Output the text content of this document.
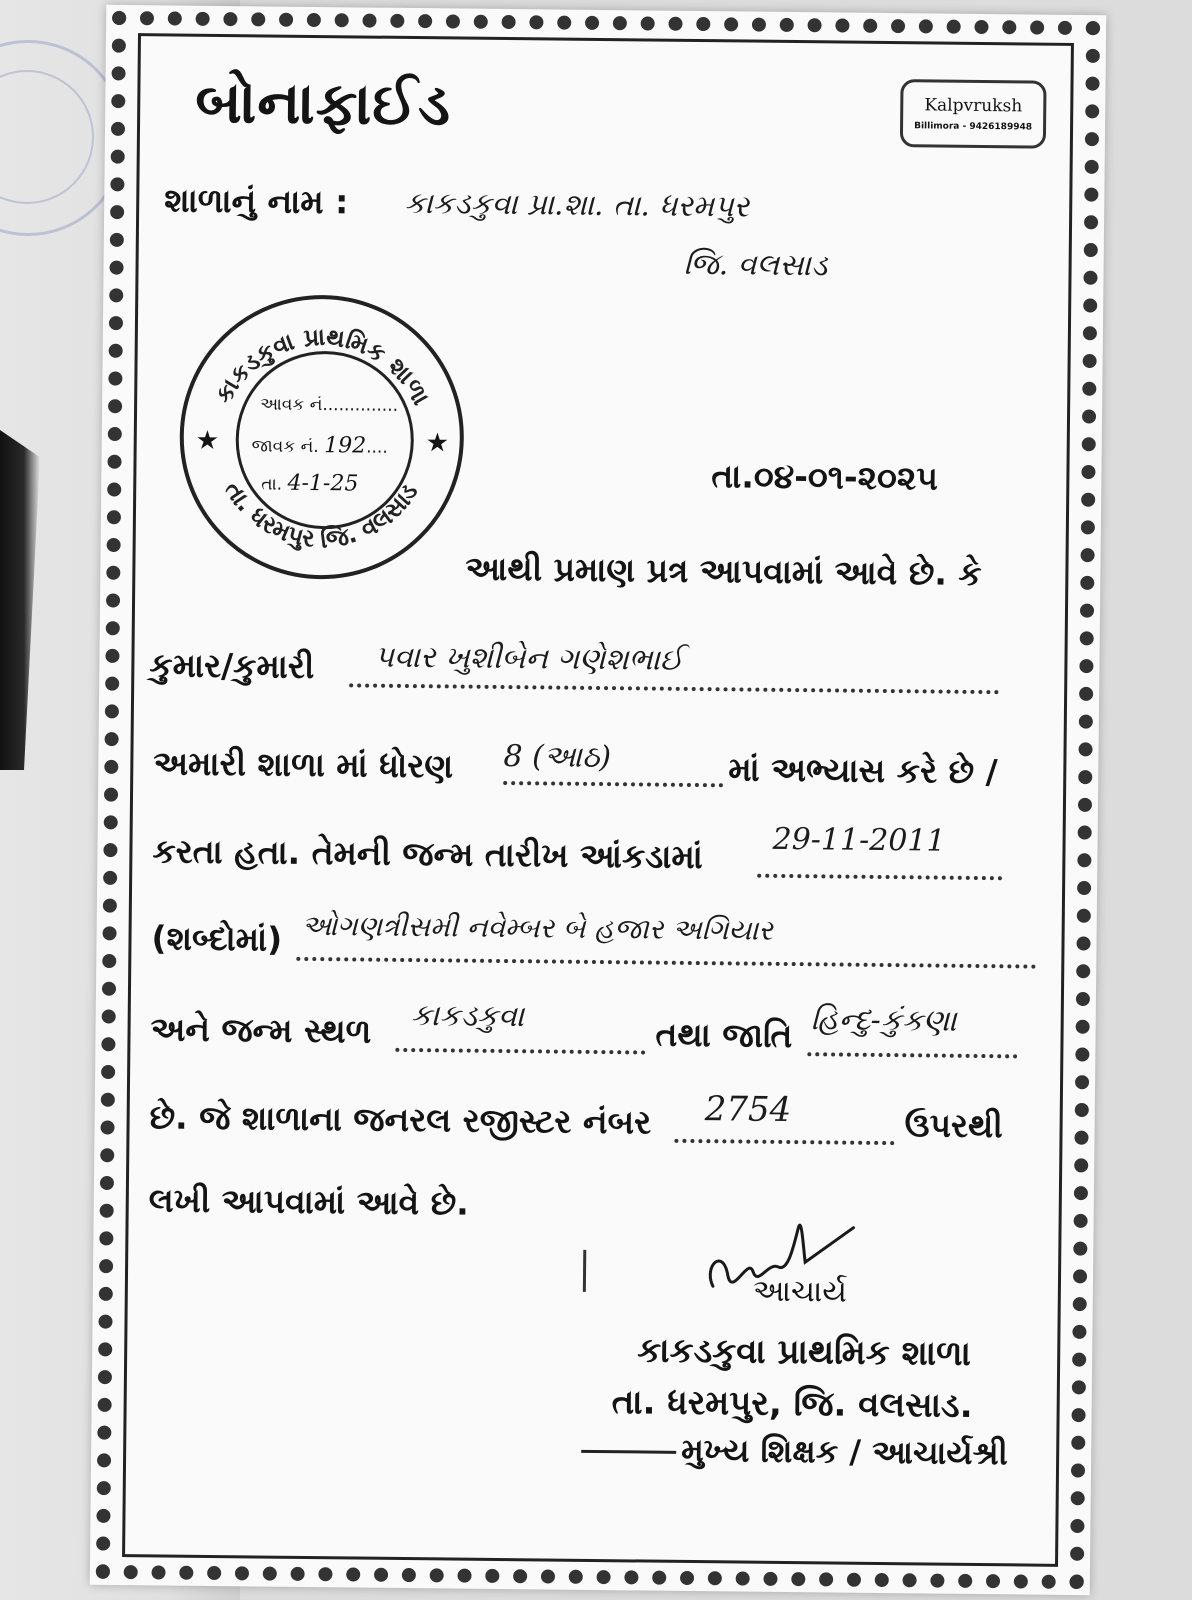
બોનાફાઈડ	Kalpvruksh
Billimora - 9426189948
શાળાનું નામ : કાકડકુવા પ્રા.શા. તા. ધરમપુર
જિ. વલસાડ
કાકડકુવા પ્રાથમિક શાળા
તા. ધરમપુર જિ. વલસાડ
★	★
આવક નં..............
જાવક નં. 192....
તા. 4-1-25	તા.૦૪-૦૧-૨૦૨૫
આથી પ્રમાણ પ્રત્ર આપવામાં આવે છે. કે
કુમાર/કુમારી પવાર ખુશીબેન ગણેશભાઈ
અમારી શાળા માં ધોરણ 8 (આઠ)	માં અભ્યાસ કરે છે /
કરતા હતા. તેમની જન્મ તારીખ આંકડામાં 29-11-2011
(શબ્દોમાં) ઓગણત્રીસમી નવેમ્બર બે હજાર અગિયાર
અને જન્મ સ્થળ કાકડકુવા	તથા જાતિ હિન્દુ-કુંકણા
છે. જે શાળાના જનરલ રજીસ્ટર નંબર 2754	ઉપરથી
લખી આપવામાં આવે છે.
આચાર્ય
કાકડકુવા પ્રાથમિક શાળા
તા. ધરમપુર, જિ. વલસાડ.
મુખ્ય શિક્ષક / આચાર્યશ્રી
